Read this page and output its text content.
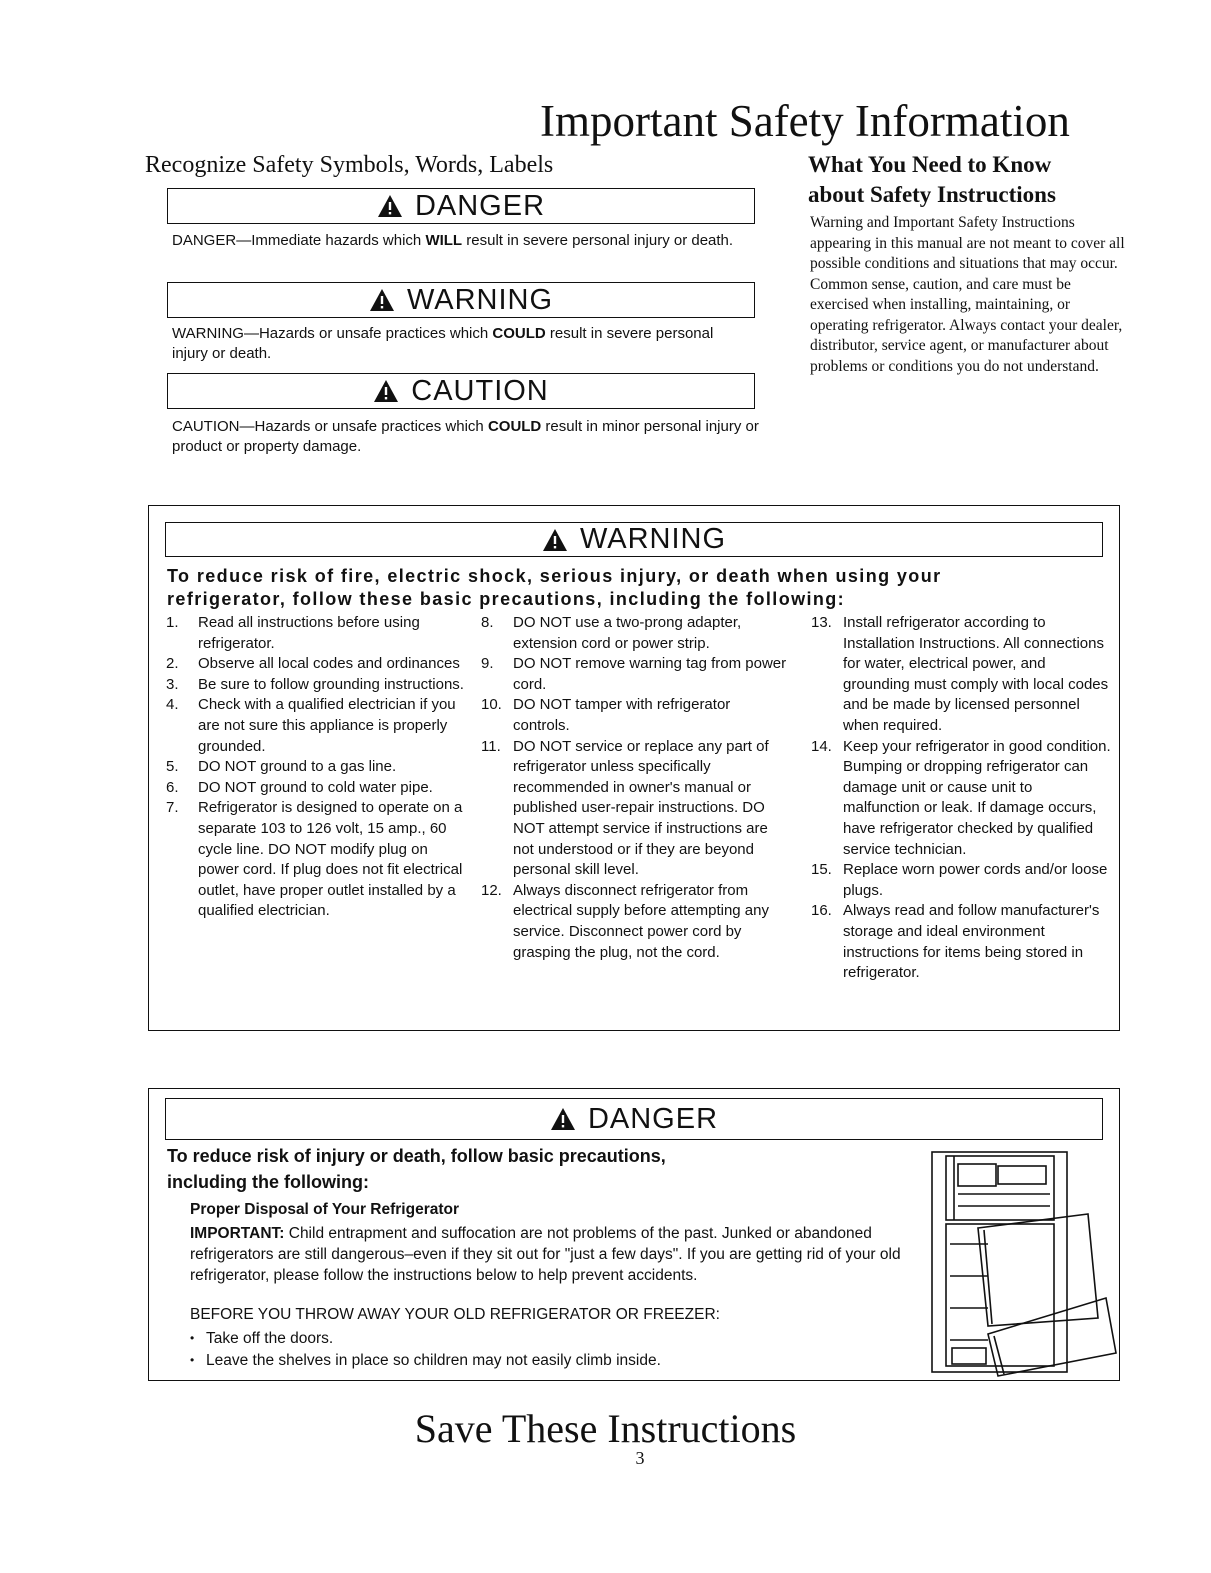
Important Safety Information
Recognize Safety Symbols, Words, Labels
DANGER
DANGER—Immediate hazards which WILL result in severe personal injury or death.
WARNING
WARNING—Hazards or unsafe practices which COULD result in severe personal injury or death.
CAUTION
CAUTION—Hazards or unsafe practices which COULD result in minor personal injury or product or property damage.
What You Need to Know
about Safety Instructions
Warning and Important Safety Instructions appearing in this manual are not meant to cover all possible conditions and situations that may occur. Common sense, caution, and care must be exercised when installing, maintaining, or operating refrigerator. Always contact your dealer, distributor, service agent, or manufacturer about problems or conditions you do not understand.
WARNING
To reduce risk of fire, electric shock, serious injury, or death when using your
refrigerator, follow these basic precautions, including the following:
1. Read all instructions before using refrigerator.
2. Observe all local codes and ordinances
3. Be sure to follow grounding instructions.
4. Check with a qualified electrician if you are not sure this appliance is properly grounded.
5. DO NOT ground to a gas line.
6. DO NOT ground to cold water pipe.
7. Refrigerator is designed to operate on a separate 103 to 126 volt, 15 amp., 60 cycle line. DO NOT modify plug on power cord. If plug does not fit electrical outlet, have proper outlet installed by a qualified electrician.
8. DO NOT use a two-prong adapter, extension cord or power strip.
9. DO NOT remove warning tag from power cord.
10. DO NOT tamper with refrigerator controls.
11. DO NOT service or replace any part of refrigerator unless specifically recommended in owner's manual or published user-repair instructions. DO NOT attempt service if instructions are not understood or if they are beyond personal skill level.
12. Always disconnect refrigerator from electrical supply before attempting any service. Disconnect power cord by grasping the plug, not the cord.
13. Install refrigerator according to Installation Instructions. All connections for water, electrical power, and grounding must comply with local codes and be made by licensed personnel when required.
14. Keep your refrigerator in good condition. Bumping or dropping refrigerator can damage unit or cause unit to malfunction or leak. If damage occurs, have refrigerator checked by qualified service technician.
15. Replace worn power cords and/or loose plugs.
16. Always read and follow manufacturer's storage and ideal environment instructions for items being stored in refrigerator.
DANGER
To reduce risk of injury or death, follow basic precautions,
including the following:
Proper Disposal of Your Refrigerator
IMPORTANT: Child entrapment and suffocation are not problems of the past. Junked or abandoned refrigerators are still dangerous–even if they sit out for "just a few days". If you are getting rid of your old refrigerator, please follow the instructions below to help prevent accidents.
BEFORE YOU THROW AWAY YOUR OLD REFRIGERATOR OR FREEZER:
• Take off the doors.
• Leave the shelves in place so children may not easily climb inside.
Save These Instructions
3
